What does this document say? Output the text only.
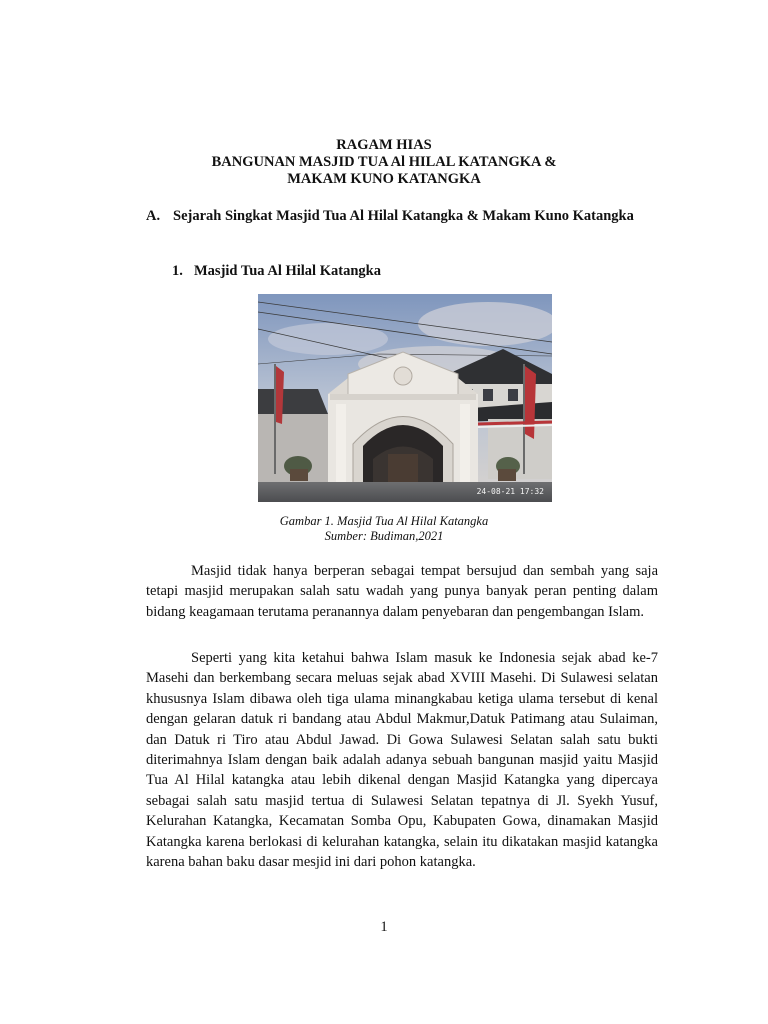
RAGAM HIAS
BANGUNAN MASJID TUA Al HILAL KATANGKA &
MAKAM KUNO KATANGKA
A. Sejarah Singkat Masjid Tua Al Hilal Katangka & Makam Kuno Katangka
1. Masjid Tua Al Hilal Katangka
24-08-21 17:32
Gambar 1. Masjid Tua Al Hilal Katangka
Sumber: Budiman,2021

Masjid tidak hanya berperan sebagai tempat bersujud dan sembah yang saja tetapi masjid merupakan salah satu wadah yang punya banyak peran penting dalam bidang keagamaan terutama peranannya dalam penyebaran dan pengembangan Islam.

Seperti yang kita ketahui bahwa Islam masuk ke Indonesia sejak abad ke-7 Masehi dan berkembang secara meluas sejak abad XVIII Masehi. Di Sulawesi selatan khususnya Islam dibawa oleh tiga ulama minangkabau ketiga ulama tersebut di kenal dengan gelaran datuk ri bandang atau Abdul Makmur,Datuk Patimang atau Sulaiman, dan Datuk ri Tiro atau Abdul Jawad. Di Gowa Sulawesi Selatan salah satu bukti diterimahnya Islam dengan baik adalah adanya sebuah bangunan masjid yaitu Masjid Tua Al Hilal katangka atau lebih dikenal dengan Masjid Katangka yang dipercaya sebagai salah satu masjid tertua di Sulawesi Selatan tepatnya di Jl. Syekh Yusuf, Kelurahan Katangka, Kecamatan Somba Opu, Kabupaten Gowa, dinamakan Masjid Katangka karena berlokasi di kelurahan katangka, selain itu dikatakan masjid katangka karena bahan baku dasar mesjid ini dari pohon katangka.

1
